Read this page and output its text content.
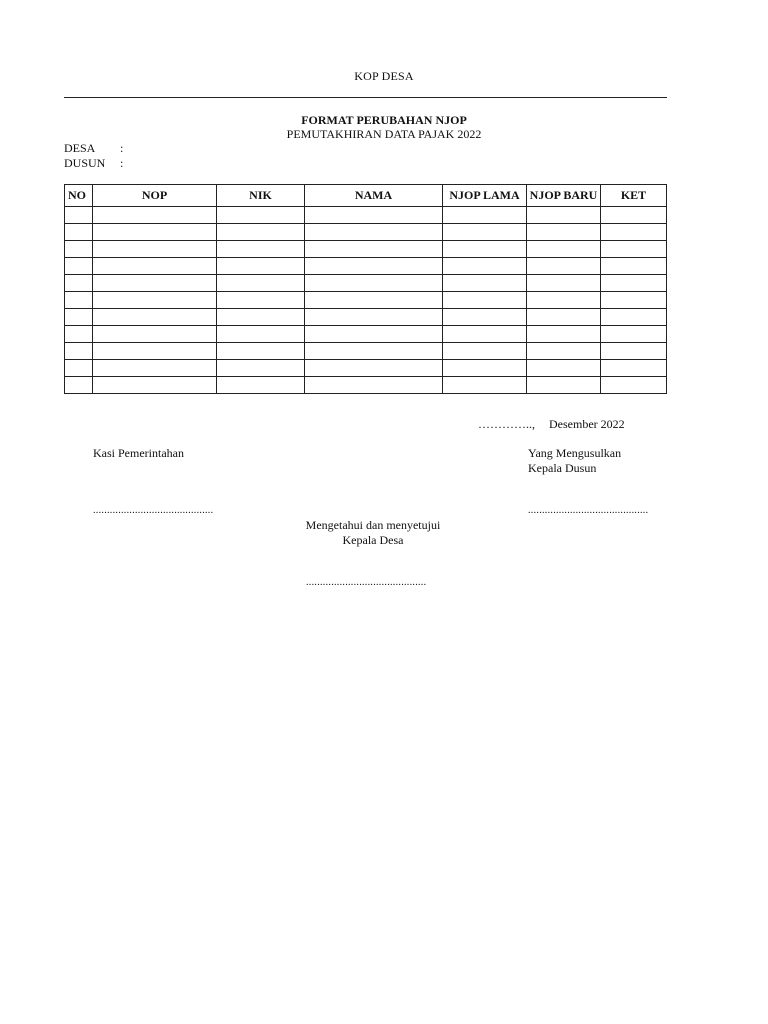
KOP DESA
FORMAT PERUBAHAN NJOP
PEMUTAKHIRAN DATA PAJAK 2022
DESA :
DUSUN :
NO	NOP	NIK	NAMA	NJOP LAMA	NJOP BARU	KET

………….., Desember 2022
Kasi Pemerintahan	Yang Mengusulkan
Kepala Dusun
...........................................	...........................................
Mengetahui dan menyetujui
Kepala Desa
...........................................
